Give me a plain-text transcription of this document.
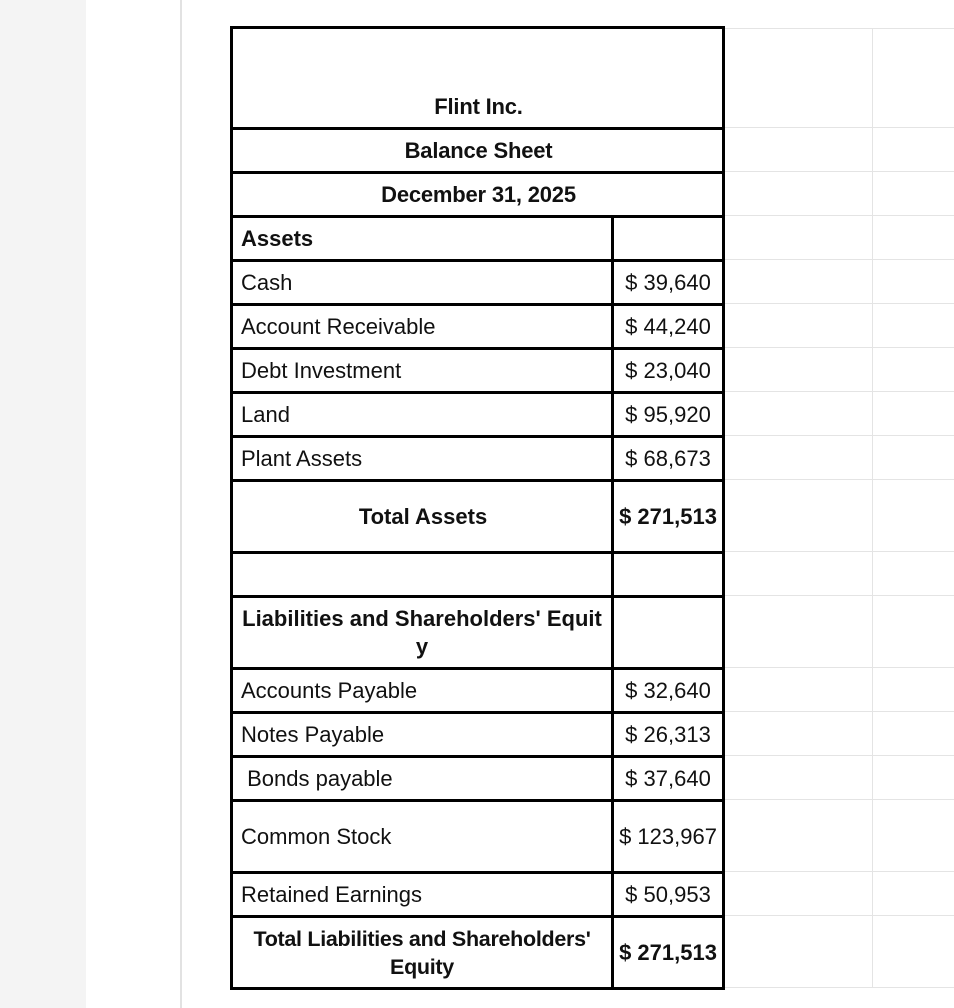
Flint Inc.	
Balance Sheet	
December 31, 2025	
Assets	
Cash	$ 39,640
Account Receivable	$ 44,240
Debt Investment	$ 23,040
Land	$ 95,920
Plant Assets	$ 68,673
Total Assets	$ 271,513

Liabilities and Shareholders' Equity	
Accounts Payable	$ 32,640
Notes Payable	$ 26,313
Bonds payable	$ 37,640
Common Stock	$ 123,967
Retained Earnings	$ 50,953
Total Liabilities and Shareholders' Equity	$ 271,513
